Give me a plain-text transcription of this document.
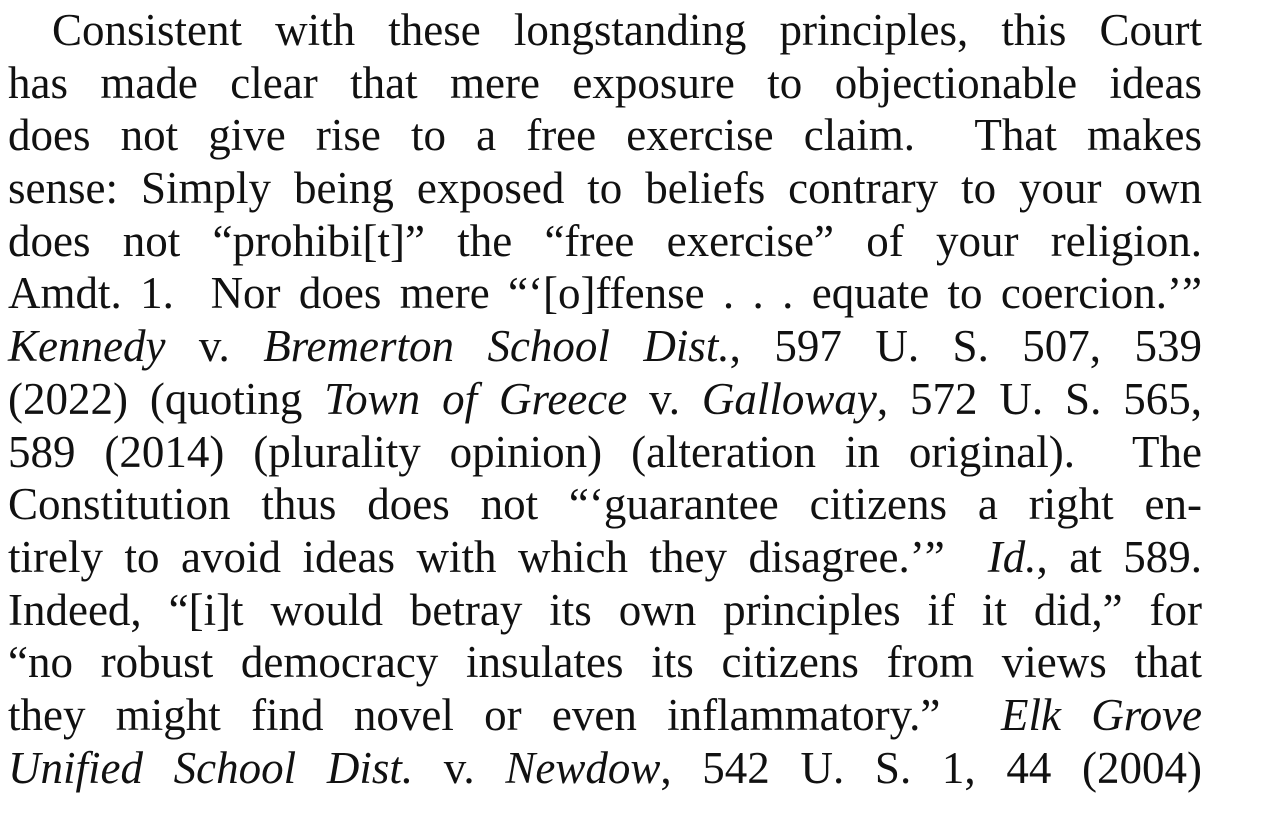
Consistent with these longstanding principles, this Court
has made clear that mere exposure to objectionable ideas
does not give rise to a free exercise claim.  That makes
sense: Simply being exposed to beliefs contrary to your own
does not “prohibi[t]” the “free exercise” of your religion.
Amdt. 1.  Nor does mere “‘[o]ffense . . . equate to coercion.’”
Kennedy v. Bremerton School Dist., 597 U. S. 507, 539
(2022) (quoting Town of Greece v. Galloway, 572 U. S. 565,
589 (2014) (plurality opinion) (alteration in original).  The
Constitution thus does not “‘guarantee citizens a right en-
tirely to avoid ideas with which they disagree.’”  Id., at 589.
Indeed, “[i]t would betray its own principles if it did,” for
“no robust democracy insulates its citizens from views that
they might find novel or even inflammatory.”  Elk Grove
Unified School Dist. v. Newdow, 542 U. S. 1, 44 (2004)
